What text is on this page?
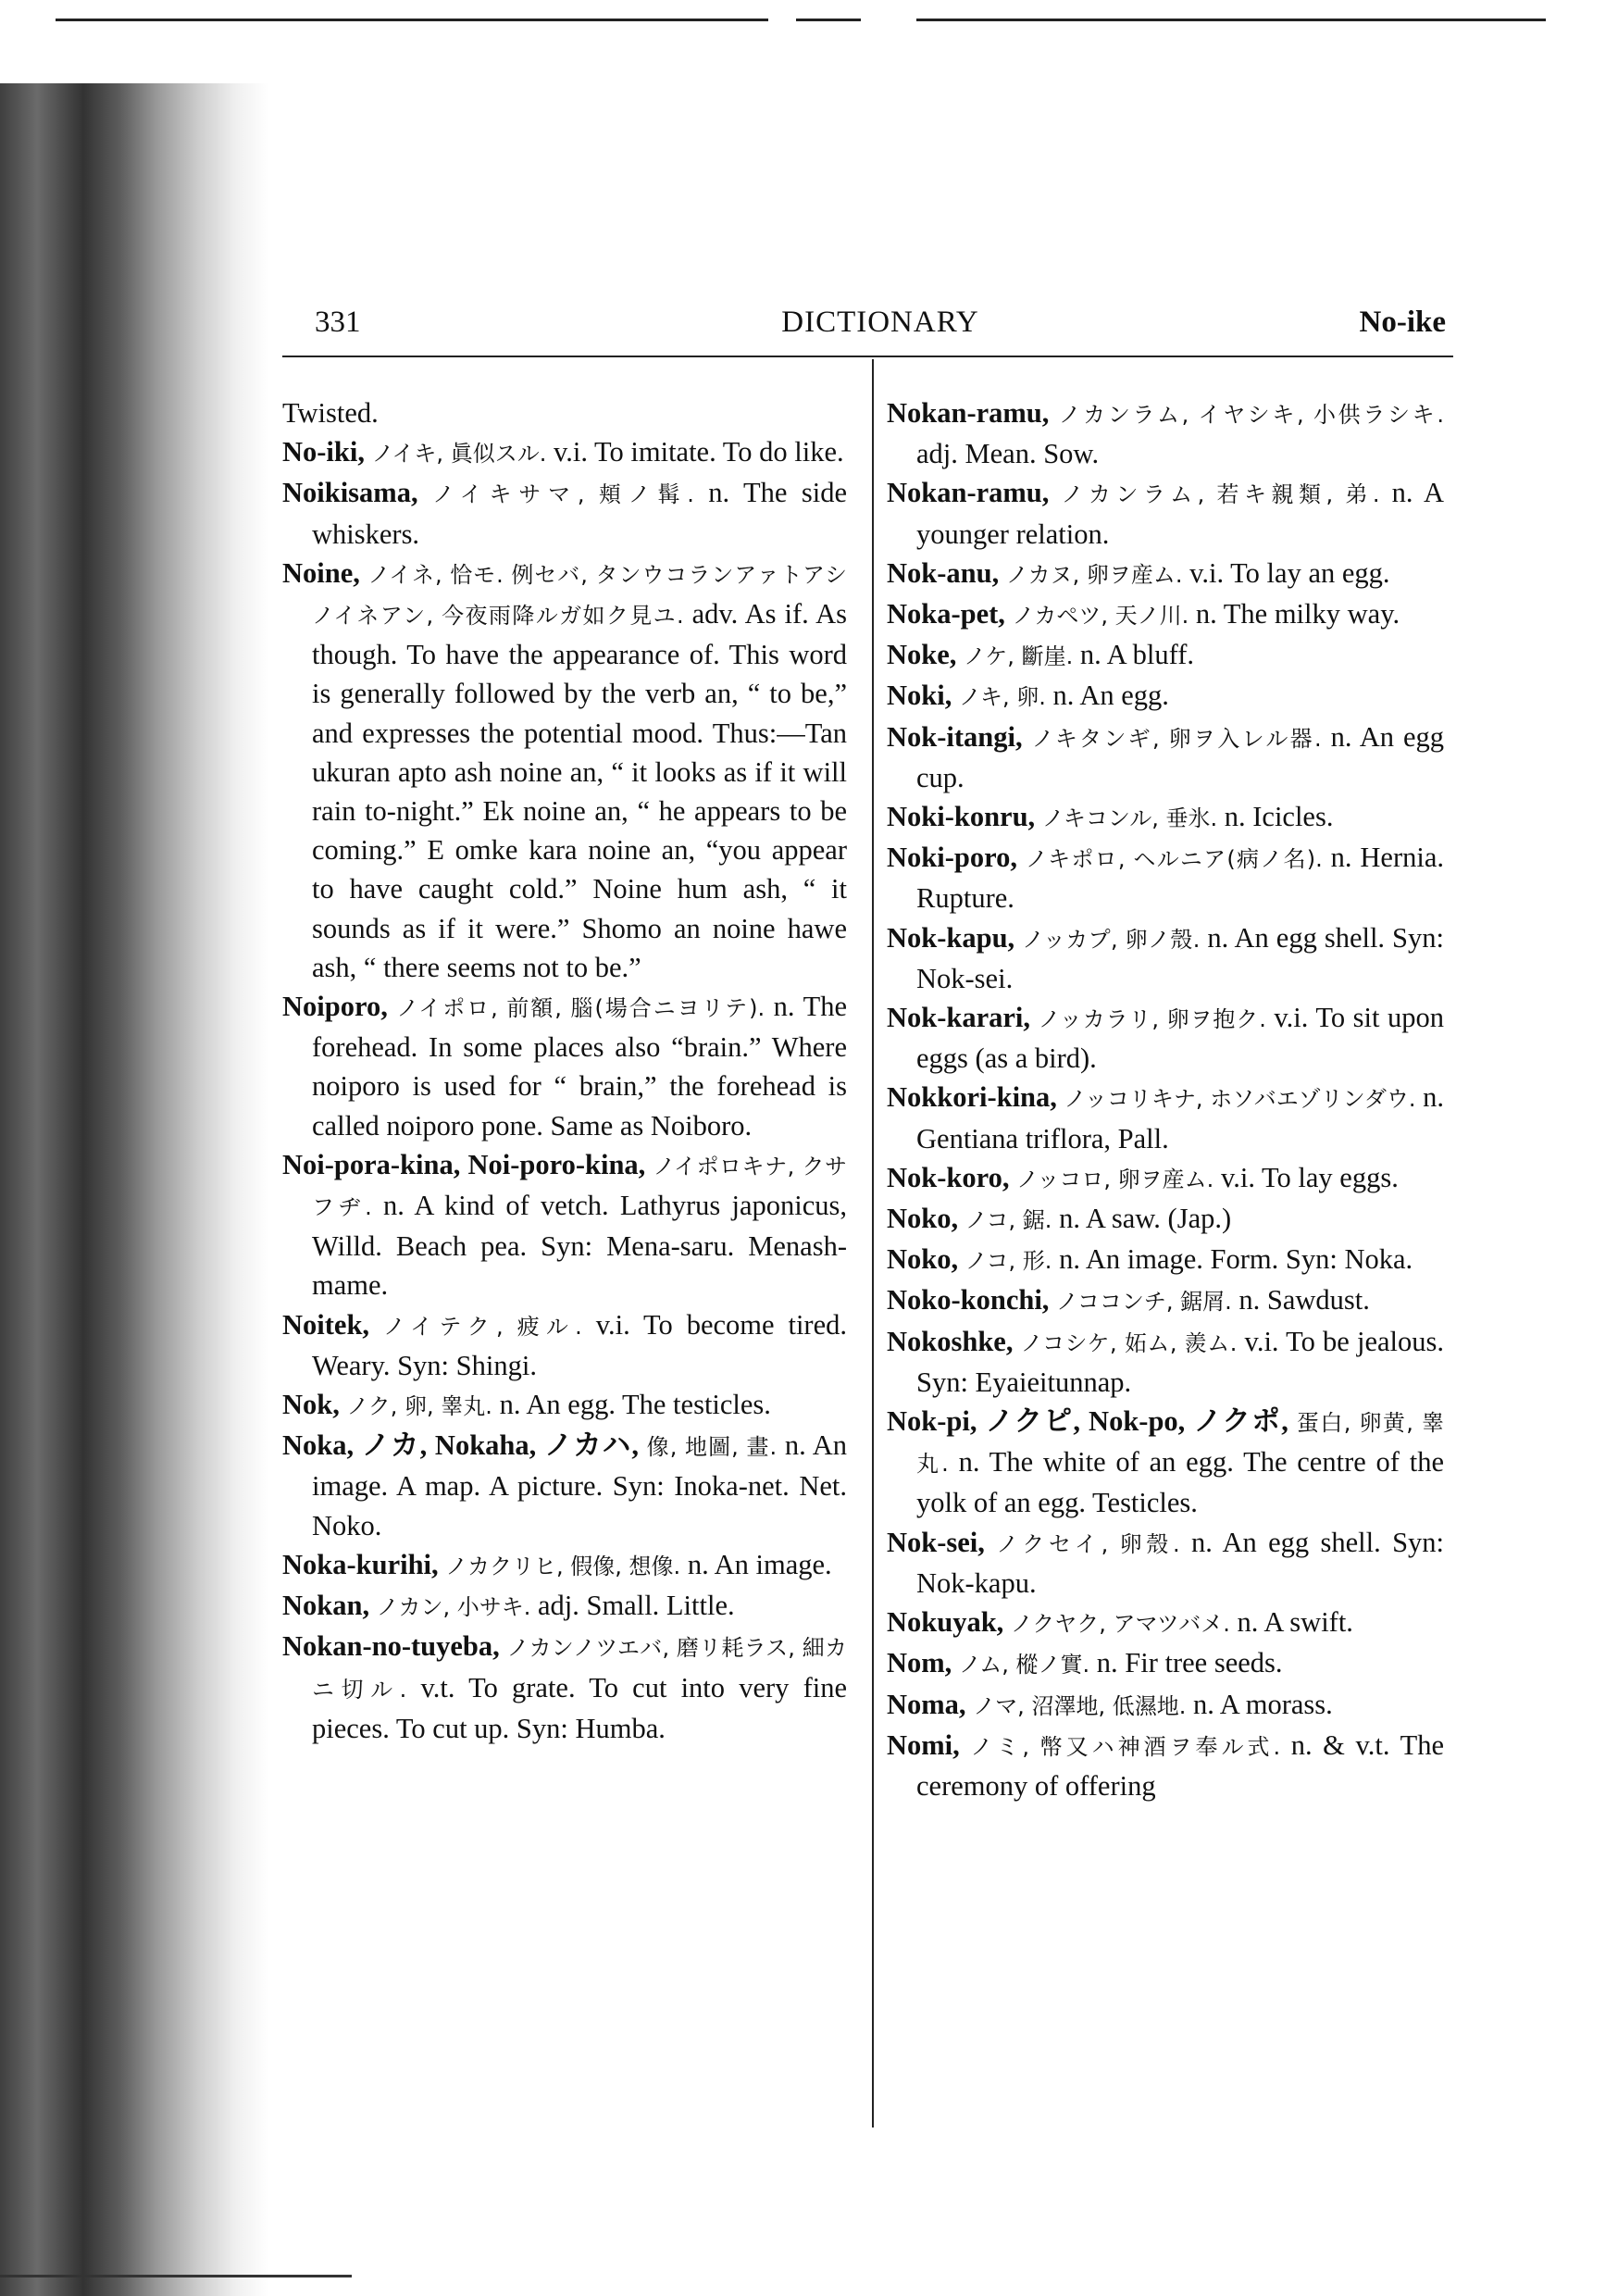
331	DICTIONARY	No-ike

Twisted.

No-iki, ノイキ, 眞似スル. v.i. To imitate. To do like.

Noikisama, ノイキサマ, 頬ノ髯. n. The side whiskers.

Noine, ノイネ, 恰モ. 例セバ, タンウコランアァトアシノイネアン, 今夜雨降ルガ如ク見ユ. adv. As if. As though. To have the appearance of. This word is generally followed by the verb an, “ to be,” and expresses the potential mood. Thus:—Tan ukuran apto ash noine an, “ it looks as if it will rain to-night.” Ek noine an, “ he appears to be coming.” E omke kara noine an, “you appear to have caught cold.” Noine hum ash, “ it sounds as if it were.” Shomo an noine hawe ash, “ there seems not to be.”

Noiporo, ノイポロ, 前額, 腦(場合ニヨリテ). n. The forehead. In some places also “brain.” Where noiporo is used for “ brain,” the forehead is called noiporo pone. Same as Noiboro.

Noi-pora-kina, Noi-poro-kina, ノイポロキナ, クサフヂ. n. A kind of vetch. Lathyrus japonicus, Willd. Beach pea. Syn: Mena-saru. Menash-mame.

Noitek, ノイテク, 疲ル. v.i. To become tired. Weary. Syn: Shingi.

Nok, ノク, 卵, 睾丸. n. An egg. The testicles.

Noka, ノカ, Nokaha, ノカハ, 像, 地圖, 畫. n. An image. A map. A picture. Syn: Inoka-net. Net. Noko.

Noka-kurihi, ノカクリヒ, 假像, 想像. n. An image.

Nokan, ノカン, 小サキ. adj. Small. Little.

Nokan-no-tuyeba, ノカンノツエバ, 磨リ耗ラス, 細カニ切ル. v.t. To grate. To cut into very fine pieces. To cut up. Syn: Humba.

Nokan-ramu, ノカンラム, イヤシキ, 小供ラシキ. adj. Mean. Sow.

Nokan-ramu, ノカンラム, 若キ親類, 弟. n. A younger relation.

Nok-anu, ノカヌ, 卵ヲ産ム. v.i. To lay an egg.

Noka-pet, ノカペツ, 天ノ川. n. The milky way.

Noke, ノケ, 斷崖. n. A bluff.

Noki, ノキ, 卵. n. An egg.

Nok-itangi, ノキタンギ, 卵ヲ入レル器. n. An egg cup.

Noki-konru, ノキコンル, 垂氷. n. Icicles.

Noki-poro, ノキポロ, ヘルニア(病ノ名). n. Hernia. Rupture.

Nok-kapu, ノッカプ, 卵ノ殼. n. An egg shell. Syn: Nok-sei.

Nok-karari, ノッカラリ, 卵ヲ抱ク. v.i. To sit upon eggs (as a bird).

Nokkori-kina, ノッコリキナ, ホソバエゾリンダウ. n. Gentiana triflora, Pall.

Nok-koro, ノッコロ, 卵ヲ産ム. v.i. To lay eggs.

Noko, ノコ, 鋸. n. A saw. (Jap.)

Noko, ノコ, 形. n. An image. Form. Syn: Noka.

Noko-konchi, ノココンチ, 鋸屑. n. Sawdust.

Nokoshke, ノコシケ, 妬ム, 羨ム. v.i. To be jealous. Syn: Eyaieitunnap.

Nok-pi, ノクピ, Nok-po, ノクポ, 蛋白, 卵黄, 睾丸. n. The white of an egg. The centre of the yolk of an egg. Testicles.

Nok-sei, ノクセイ, 卵殼. n. An egg shell. Syn: Nok-kapu.

Nokuyak, ノクヤク, アマツバメ. n. A swift.

Nom, ノム, 樅ノ實. n. Fir tree seeds.

Noma, ノマ, 沼澤地, 低濕地. n. A morass.

Nomi, ノミ, 幣又ハ神酒ヲ奉ル式. n. & v.t. The ceremony of offering
